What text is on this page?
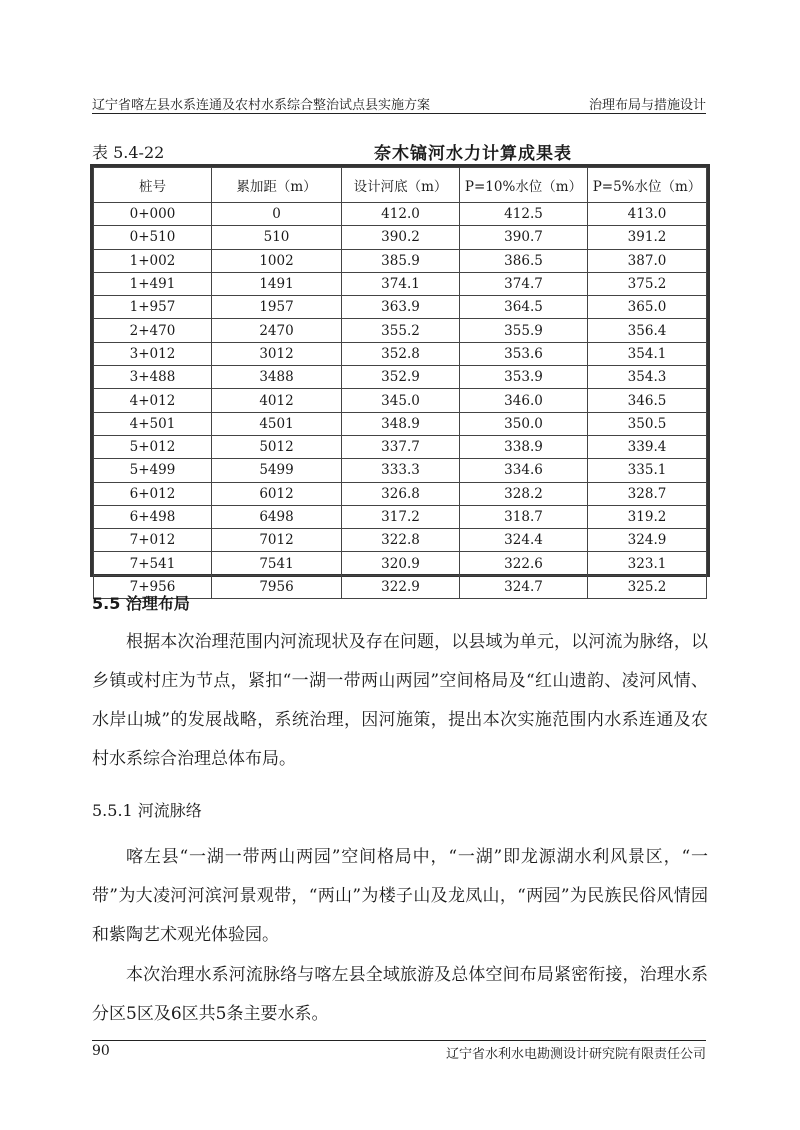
辽宁省喀左县水系连通及农村水系综合整治试点县实施方案	治理布局与措施设计
表 5.4-22	奈木镐河水力计算成果表
桩号	累加距（m）	设计河底（m）	P=10%水位（m）	P=5%水位（m）
0+000	0	412.0	412.5	413.0
0+510	510	390.2	390.7	391.2
1+002	1002	385.9	386.5	387.0
1+491	1491	374.1	374.7	375.2
1+957	1957	363.9	364.5	365.0
2+470	2470	355.2	355.9	356.4
3+012	3012	352.8	353.6	354.1
3+488	3488	352.9	353.9	354.3
4+012	4012	345.0	346.0	346.5
4+501	4501	348.9	350.0	350.5
5+012	5012	337.7	338.9	339.4
5+499	5499	333.3	334.6	335.1
6+012	6012	326.8	328.2	328.7
6+498	6498	317.2	318.7	319.2
7+012	7012	322.8	324.4	324.9
7+541	7541	320.9	322.6	323.1
7+956	7956	322.9	324.7	325.2
5.5 治理布局
根据本次治理范围内河流现状及存在问题，以县域为单元，以河流为脉络，以乡镇或村庄为节点，紧扣“一湖一带两山两园”空间格局及“红山遗韵、凌河风情、水岸山城”的发展战略，系统治理，因河施策，提出本次实施范围内水系连通及农村水系综合治理总体布局。
5.5.1 河流脉络
喀左县“一湖一带两山两园”空间格局中，“一湖”即龙源湖水利风景区，“一带”为大凌河河滨河景观带，“两山”为楼子山及龙凤山，“两园”为民族民俗风情园和紫陶艺术观光体验园。
本次治理水系河流脉络与喀左县全域旅游及总体空间布局紧密衔接，治理水系分区5区及6区共5条主要水系。
90	辽宁省水利水电勘测设计研究院有限责任公司
